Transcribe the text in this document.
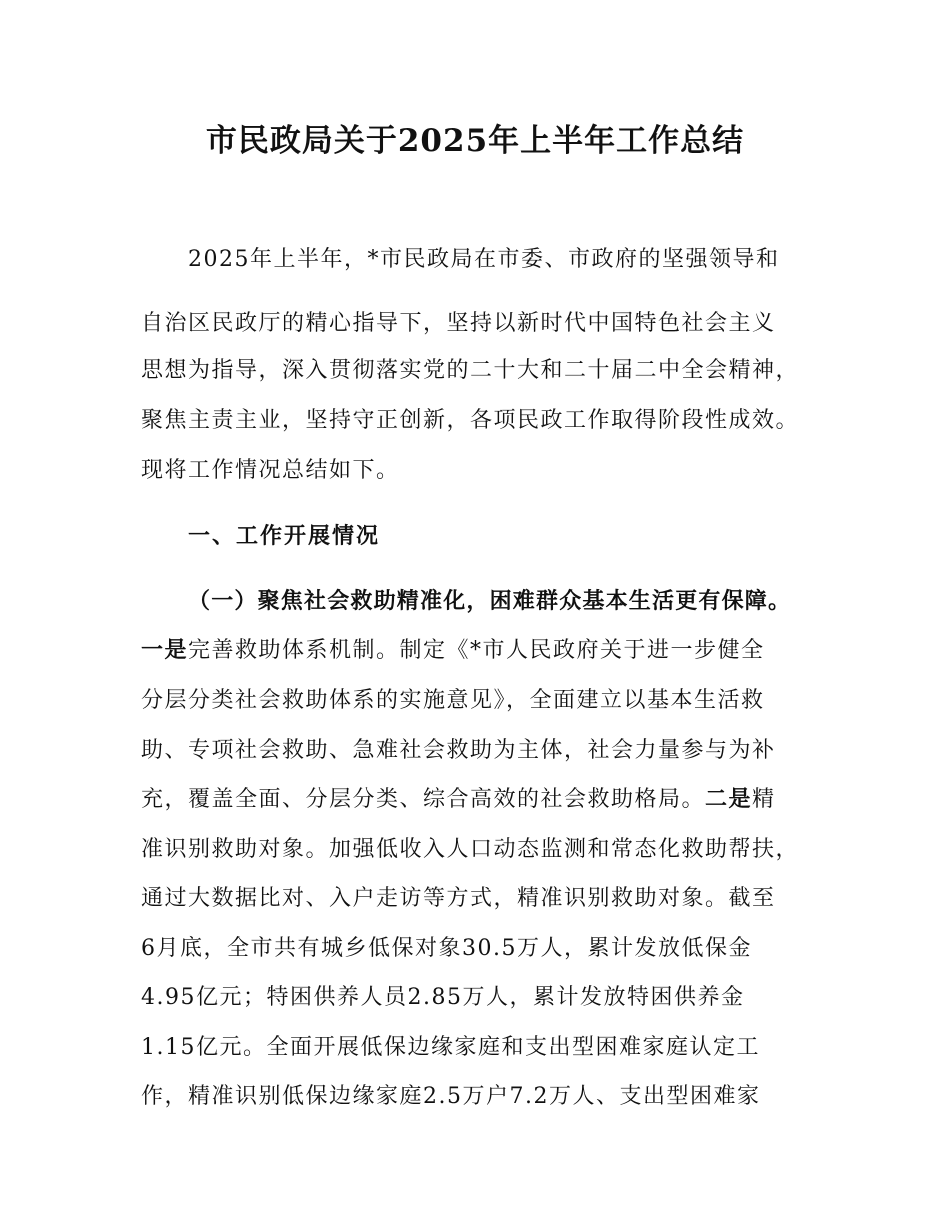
市民政局关于2025年上半年工作总结

2025年上半年，*市民政局在市委、市政府的坚强领导和

自治区民政厅的精心指导下，坚持以新时代中国特色社会主义

思想为指导，深入贯彻落实党的二十大和二十届二中全会精神，

聚焦主责主业，坚持守正创新，各项民政工作取得阶段性成效。

现将工作情况总结如下。

一、工作开展情况

（一）聚焦社会救助精准化，困难群众基本生活更有保障。

一是完善救助体系机制。制定《*市人民政府关于进一步健全

分层分类社会救助体系的实施意见》，全面建立以基本生活救

助、专项社会救助、急难社会救助为主体，社会力量参与为补

充，覆盖全面、分层分类、综合高效的社会救助格局。二是精

准识别救助对象。加强低收入人口动态监测和常态化救助帮扶，

通过大数据比对、入户走访等方式，精准识别救助对象。截至

6月底，全市共有城乡低保对象30.5万人，累计发放低保金

4.95亿元；特困供养人员2.85万人，累计发放特困供养金

1.15亿元。全面开展低保边缘家庭和支出型困难家庭认定工

作，精准识别低保边缘家庭2.5万户7.2万人、支出型困难家
